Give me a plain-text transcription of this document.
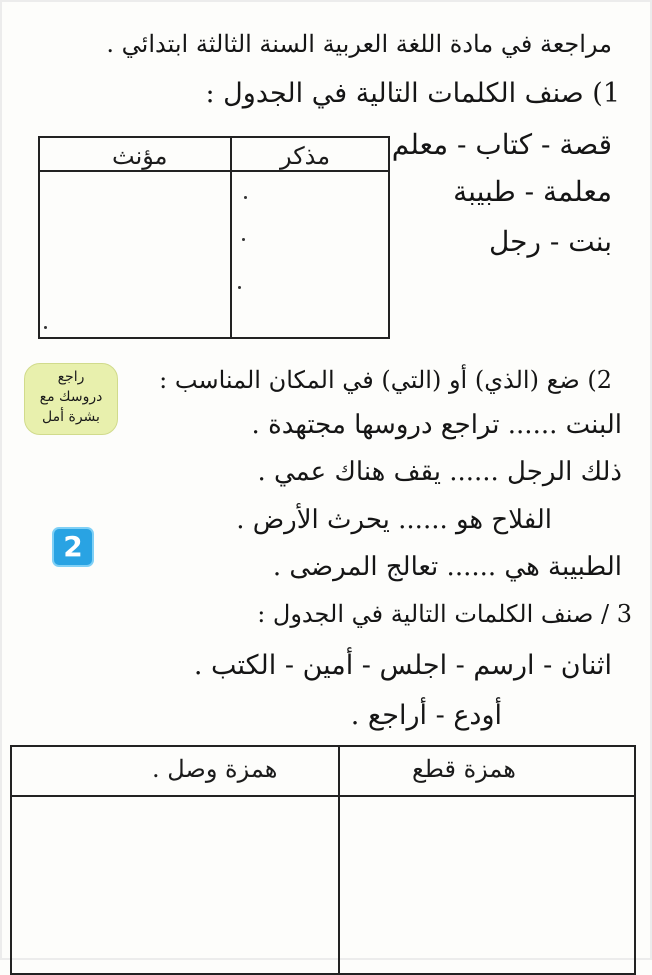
مراجعة في مادة اللغة العربية السنة الثالثة ابتدائي .
1) صنف الكلمات التالية في الجدول :
قصة - كتاب - معلم
معلمة - طبيبة
بنت - رجل
مؤنث	مذكر
راجع
دروسك مع
بشرة أمل
2
2) ضع (الذي) أو (التي) في المكان المناسب :
البنت ...... تراجع دروسها مجتهدة .
ذلك الرجل ...... يقف هناك عمي .
الفلاح هو ...... يحرث الأرض .
الطبيبة هي ...... تعالج المرضى .
3 / صنف الكلمات التالية في الجدول :
اثنان - ارسم - اجلس - أمين - الكتب .
أودع - أراجع .
همزة وصل .	همزة قطع
